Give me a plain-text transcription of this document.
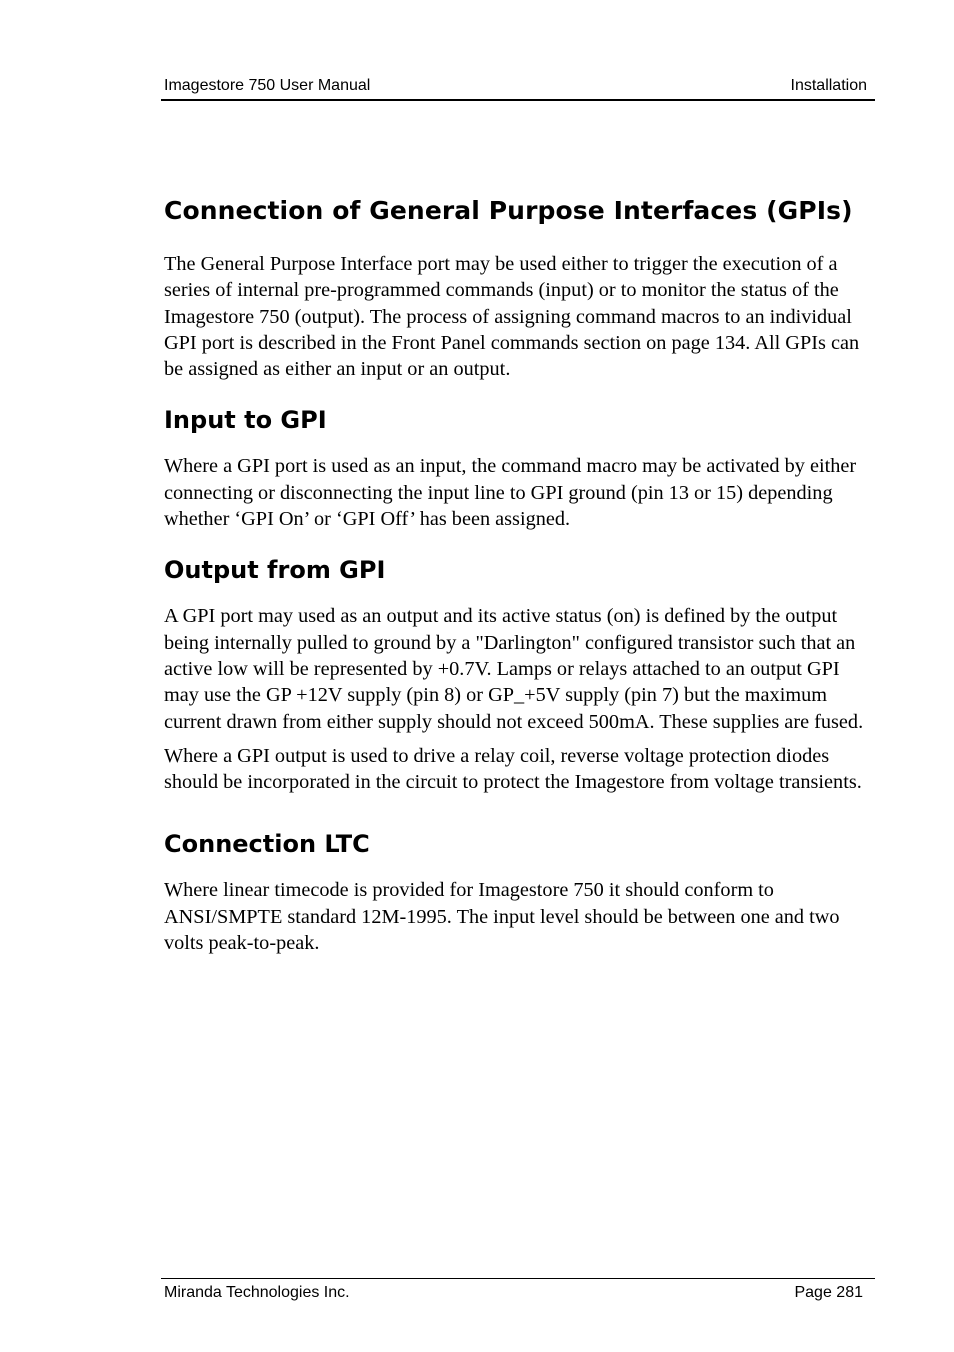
Imagestore 750 User Manual	Installation
Connection of General Purpose Interfaces (GPIs)

The General Purpose Interface port may be used either to trigger the execution of a series of internal pre-programmed commands (input) or to monitor the status of the Imagestore 750 (output). The process of assigning command macros to an individual GPI port is described in the Front Panel commands section on page 134. All GPIs can be assigned as either an input or an output.

Input to GPI

Where a GPI port is used as an input, the command macro may be activated by either connecting or disconnecting the input line to GPI ground (pin 13 or 15) depending whether ‘GPI On’ or ‘GPI Off’ has been assigned.

Output from GPI

A GPI port may used as an output and its active status (on) is defined by the output being internally pulled to ground by a "Darlington" configured transistor such that an active low will be represented by +0.7V. Lamps or relays attached to an output GPI may use the GP +12V supply (pin 8) or GP_+5V supply (pin 7) but the maximum current drawn from either supply should not exceed 500mA. These supplies are fused.

Where a GPI output is used to drive a relay coil, reverse voltage protection diodes should be incorporated in the circuit to protect the Imagestore from voltage transients.

Connection LTC

Where linear timecode is provided for Imagestore 750 it should conform to ANSI/SMPTE standard 12M-1995. The input level should be between one and two volts peak-to-peak.

Miranda Technologies Inc.	Page 281
